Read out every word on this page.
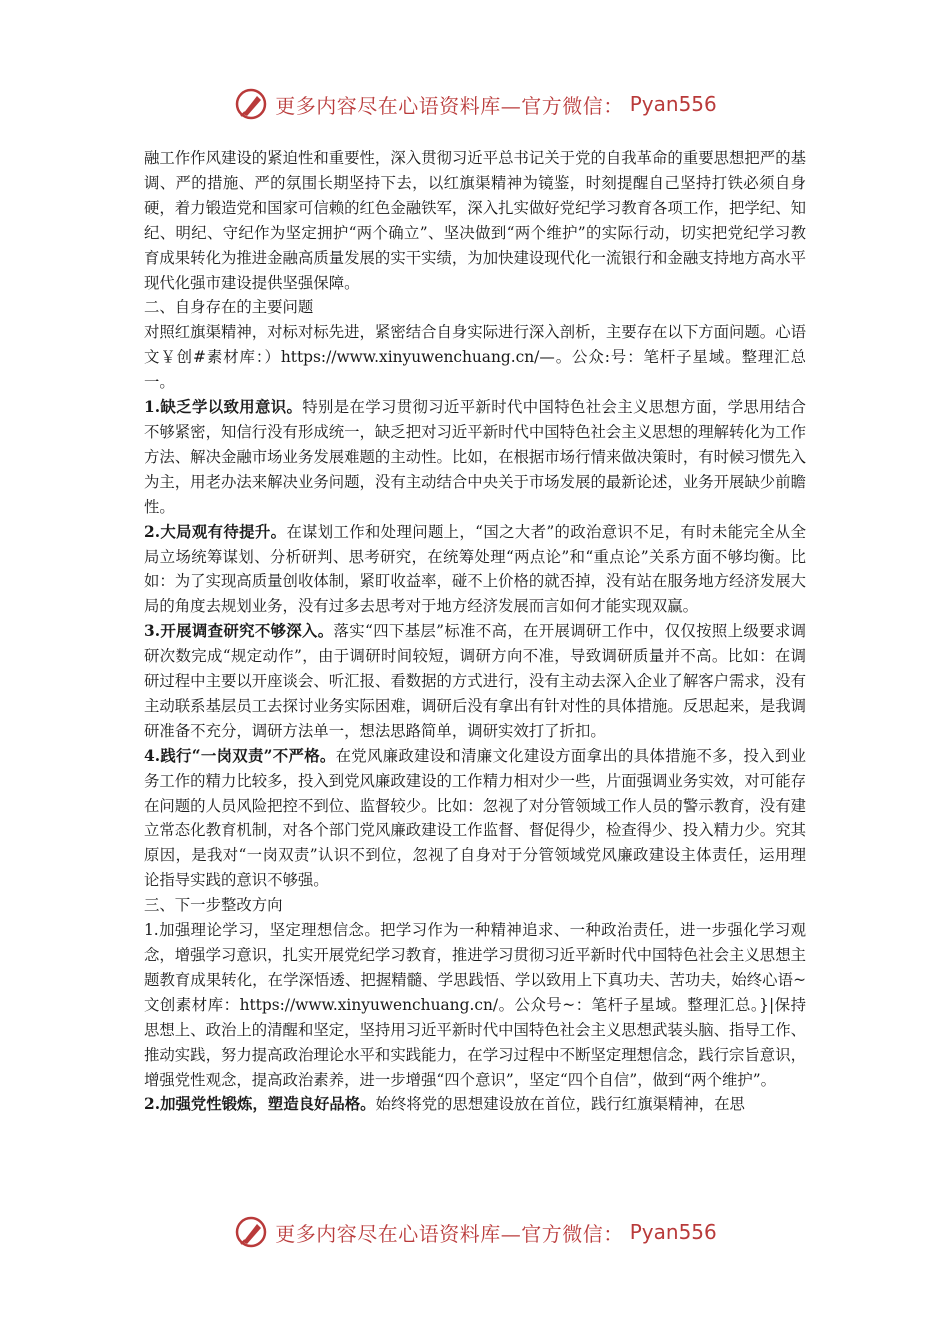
更多内容尽在心语资料库—官方微信： Pyan556

融工作作风建设的紧迫性和重要性，深入贯彻习近平总书记关于党的自我革命的重要思想把严的基调、严的措施、严的氛围长期坚持下去，以红旗渠精神为镜鉴，时刻提醒自己坚持打铁必须自身硬，着力锻造党和国家可信赖的红色金融铁军，深入扎实做好党纪学习教育各项工作，把学纪、知纪、明纪、守纪作为坚定拥护“两个确立”、坚决做到“两个维护”的实际行动，切实把党纪学习教育成果转化为推进金融高质量发展的实干实绩，为加快建设现代化一流银行和金融支持地方高水平现代化强市建设提供坚强保障。

二、自身存在的主要问题

对照红旗渠精神，对标对标先进，紧密结合自身实际进行深入剖析，主要存在以下方面问题。心语文￥创#素材库：）https://www.xinyuwenchuang.cn/—。公众:号：笔杆子星域。整理汇总一。

1.缺乏学以致用意识。特别是在学习贯彻习近平新时代中国特色社会主义思想方面，学思用结合不够紧密，知信行没有形成统一，缺乏把对习近平新时代中国特色社会主义思想的理解转化为工作方法、解决金融市场业务发展难题的主动性。比如，在根据市场行情来做决策时，有时候习惯先入为主，用老办法来解决业务问题，没有主动结合中央关于市场发展的最新论述，业务开展缺少前瞻性。

2.大局观有待提升。在谋划工作和处理问题上，“国之大者”的政治意识不足，有时未能完全从全局立场统筹谋划、分析研判、思考研究，在统筹处理“两点论”和“重点论”关系方面不够均衡。比如：为了实现高质量创收体制，紧盯收益率，碰不上价格的就否掉，没有站在服务地方经济发展大局的角度去规划业务，没有过多去思考对于地方经济发展而言如何才能实现双赢。

3.开展调查研究不够深入。落实“四下基层”标准不高，在开展调研工作中，仅仅按照上级要求调研次数完成“规定动作”，由于调研时间较短，调研方向不准，导致调研质量并不高。比如：在调研过程中主要以开座谈会、听汇报、看数据的方式进行，没有主动去深入企业了解客户需求，没有主动联系基层员工去探讨业务实际困难，调研后没有拿出有针对性的具体措施。反思起来，是我调研准备不充分，调研方法单一，想法思路简单，调研实效打了折扣。

4.践行“一岗双责”不严格。在党风廉政建设和清廉文化建设方面拿出的具体措施不多，投入到业务工作的精力比较多，投入到党风廉政建设的工作精力相对少一些，片面强调业务实效，对可能存在问题的人员风险把控不到位、监督较少。比如：忽视了对分管领域工作人员的警示教育，没有建立常态化教育机制，对各个部门党风廉政建设工作监督、督促得少，检查得少、投入精力少。究其原因，是我对“一岗双责”认识不到位，忽视了自身对于分管领域党风廉政建设主体责任，运用理论指导实践的意识不够强。

三、下一步整改方向

1.加强理论学习，坚定理想信念。把学习作为一种精神追求、一种政治责任，进一步强化学习观念，增强学习意识，扎实开展党纪学习教育，推进学习贯彻习近平新时代中国特色社会主义思想主题教育成果转化，在学深悟透、把握精髓、学思践悟、学以致用上下真功夫、苦功夫，始终心语~文创素材库：https://www.xinyuwenchuang.cn/。公众号~：笔杆子星域。整理汇总。}|保持思想上、政治上的清醒和坚定，坚持用习近平新时代中国特色社会主义思想武装头脑、指导工作、推动实践，努力提高政治理论水平和实践能力，在学习过程中不断坚定理想信念，践行宗旨意识，增强党性观念，提高政治素养，进一步增强“四个意识”，坚定“四个自信”，做到“两个维护”。

2.加强党性锻炼，塑造良好品格。始终将党的思想建设放在首位，践行红旗渠精神，在思

更多内容尽在心语资料库—官方微信： Pyan556
